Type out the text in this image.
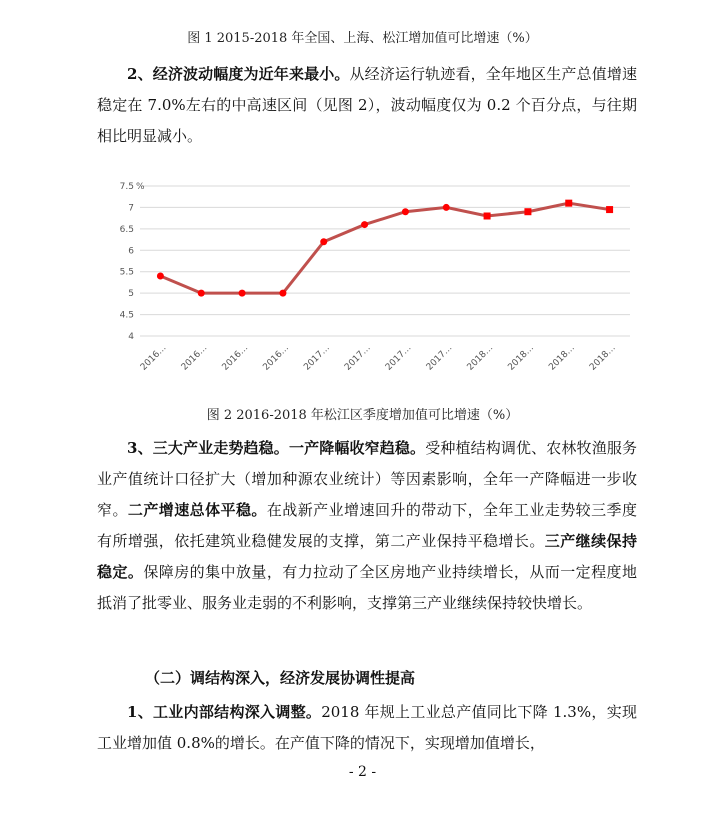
图 1 2015-2018 年全国、上海、松江增加值可比增速（%）

2、经济波动幅度为近年来最小。从经济运行轨迹看，全年地区生产总值增速稳定在 7.0%左右的中高速区间（见图 2），波动幅度仅为 0.2 个百分点，与往期相比明显减小。

7.5
7
6.5
6
5.5
5
4.5
4
%
2016… 2016… 2016… 2016… 2017… 2017… 2017… 2017… 2018… 2018… 2018… 2018…
图 2 2016-2018 年松江区季度增加值可比增速（%）

3、三大产业走势趋稳。一产降幅收窄趋稳。受种植结构调优、农林牧渔服务业产值统计口径扩大（增加种源农业统计）等因素影响，全年一产降幅进一步收窄。二产增速总体平稳。在战新产业增速回升的带动下，全年工业走势较三季度有所增强，依托建筑业稳健发展的支撑，第二产业保持平稳增长。三产继续保持稳定。保障房的集中放量，有力拉动了全区房地产业持续增长，从而一定程度地抵消了批零业、服务业走弱的不利影响，支撑第三产业继续保持较快增长。

（二）调结构深入，经济发展协调性提高

1、工业内部结构深入调整。2018 年规上工业总产值同比下降 1.3%，实现工业增加值 0.8%的增长。在产值下降的情况下，实现增加值增长，

- 2 -
